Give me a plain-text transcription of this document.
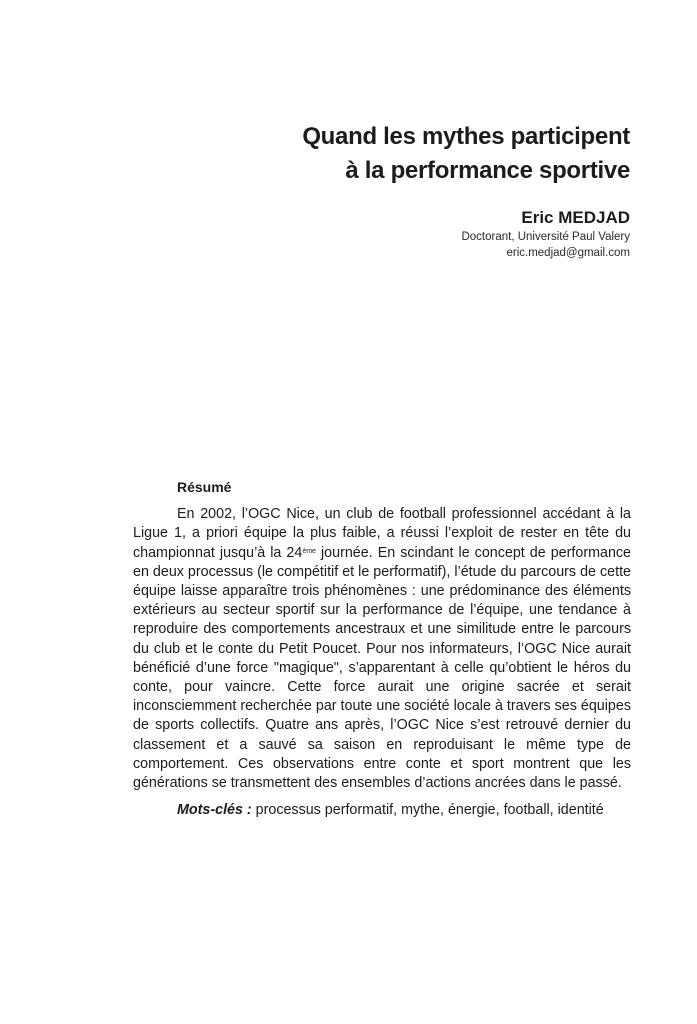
Quand les mythes participent
à la performance sportive
Eric MEDJAD
Doctorant, Université Paul Valery
eric.medjad@gmail.com
Résumé

En 2002, l’OGC Nice, un club de football professionnel accédant à la Ligue 1, a priori équipe la plus faible, a réussi l’exploit de rester en tête du championnat jusqu’à la 24ème journée. En scindant le concept de performance en deux processus (le compétitif et le performatif), l’étude du parcours de cette équipe laisse apparaître trois phénomènes : une prédominance des éléments extérieurs au secteur sportif sur la performance de l’équipe, une tendance à reproduire des comportements ancestraux et une similitude entre le parcours du club et le conte du Petit Poucet. Pour nos informateurs, l’OGC Nice aurait bénéficié d’une force "magique", s’apparentant à celle qu’obtient le héros du conte, pour vaincre. Cette force aurait une origine sacrée et serait inconsciemment recherchée par toute une société locale à travers ses équipes de sports collectifs. Quatre ans après, l’OGC Nice s’est retrouvé dernier du classement et a sauvé sa saison en reproduisant le même type de comportement. Ces observations entre conte et sport montrent que les générations se transmettent des ensembles d’actions ancrées dans le passé.

Mots-clés : processus performatif, mythe, énergie, football, identité
